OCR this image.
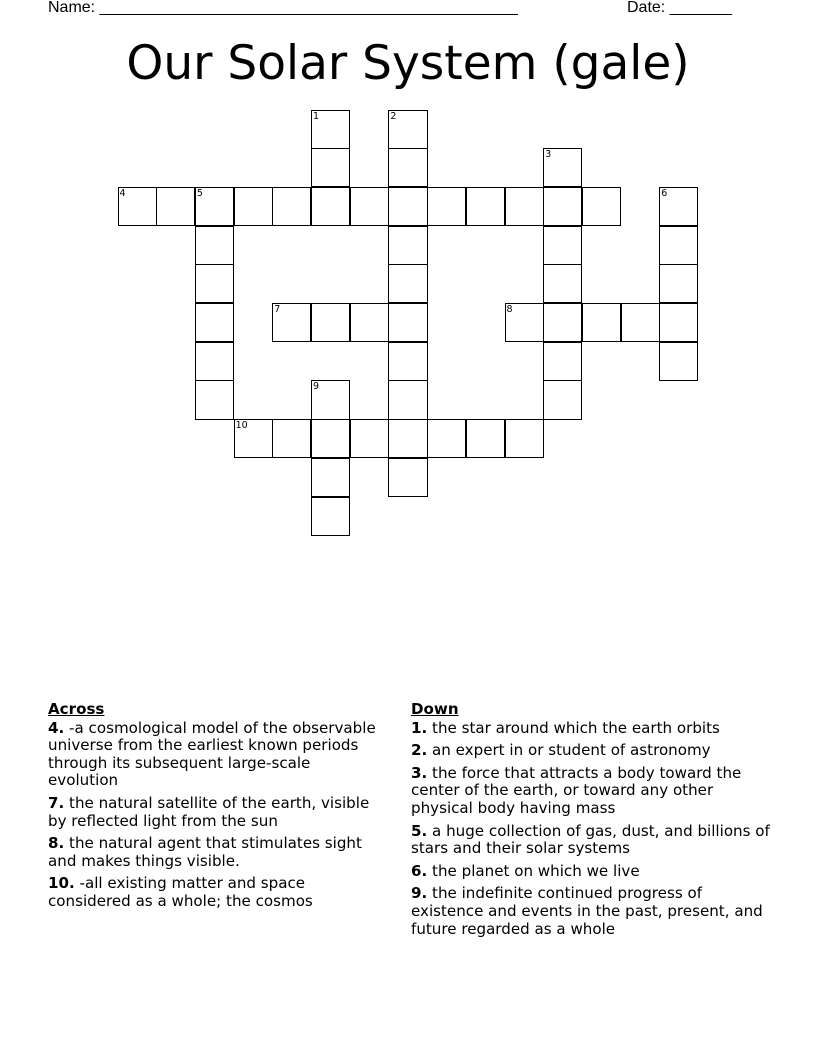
Name: _______________________________________________	Date: _______
Our Solar System (gale)
1	2
3
4	5	6
7	8
9
10
Across
4. -a cosmological model of the observable universe from the earliest known periods through its subsequent large-scale evolution
7. the natural satellite of the earth, visible by reflected light from the sun
8. the natural agent that stimulates sight and makes things visible.
10. -all existing matter and space considered as a whole; the cosmos
Down
1. the star around which the earth orbits
2. an expert in or student of astronomy
3. the force that attracts a body toward the center of the earth, or toward any other physical body having mass
5. a huge collection of gas, dust, and billions of stars and their solar systems
6. the planet on which we live
9. the indefinite continued progress of existence and events in the past, present, and future regarded as a whole
